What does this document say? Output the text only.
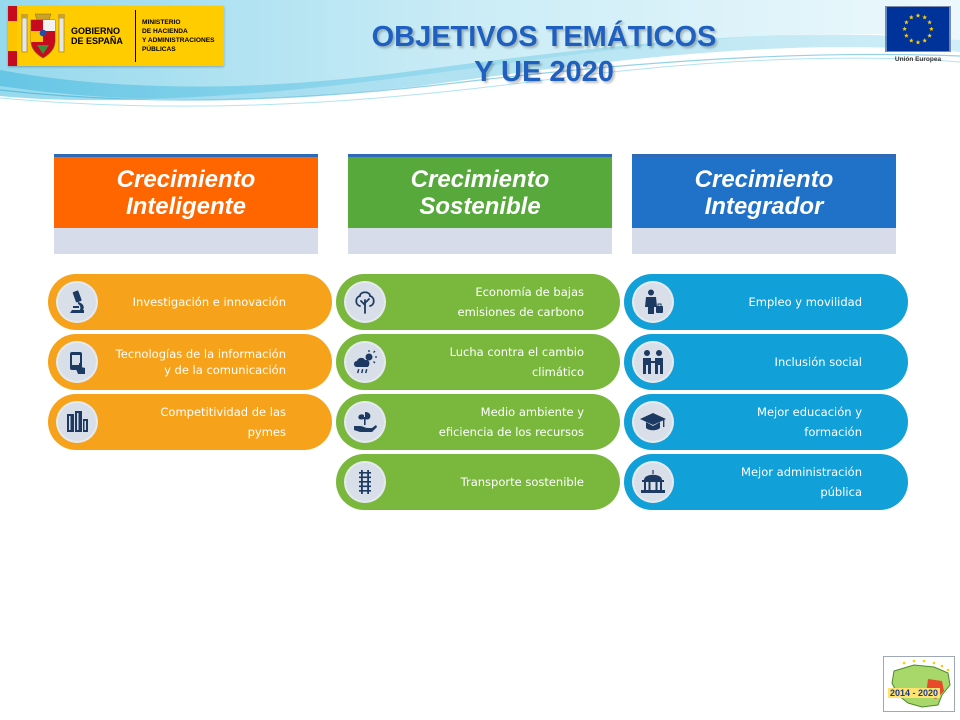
GOBIERNO
DE ESPAÑA
MINISTERIO
DE HACIENDA
Y ADMINISTRACIONES
PÚBLICAS	OBJETIVOS TEMÁTICOS
Y UE 2020	Unión Europea
Crecimiento
Inteligente
Crecimiento
Sostenible
Crecimiento
Integrador
Investigación e innovación
Tecnologías de la información
y de la comunicación
Competitividad de las
pymes
Economía de bajas
emisiones de carbono
Lucha contra el cambio
climático
Medio ambiente y
eficiencia de los recursos
Transporte sostenible
Empleo y movilidad
Inclusión social
Mejor educación y
formación
Mejor administración
pública
2014 - 2020
